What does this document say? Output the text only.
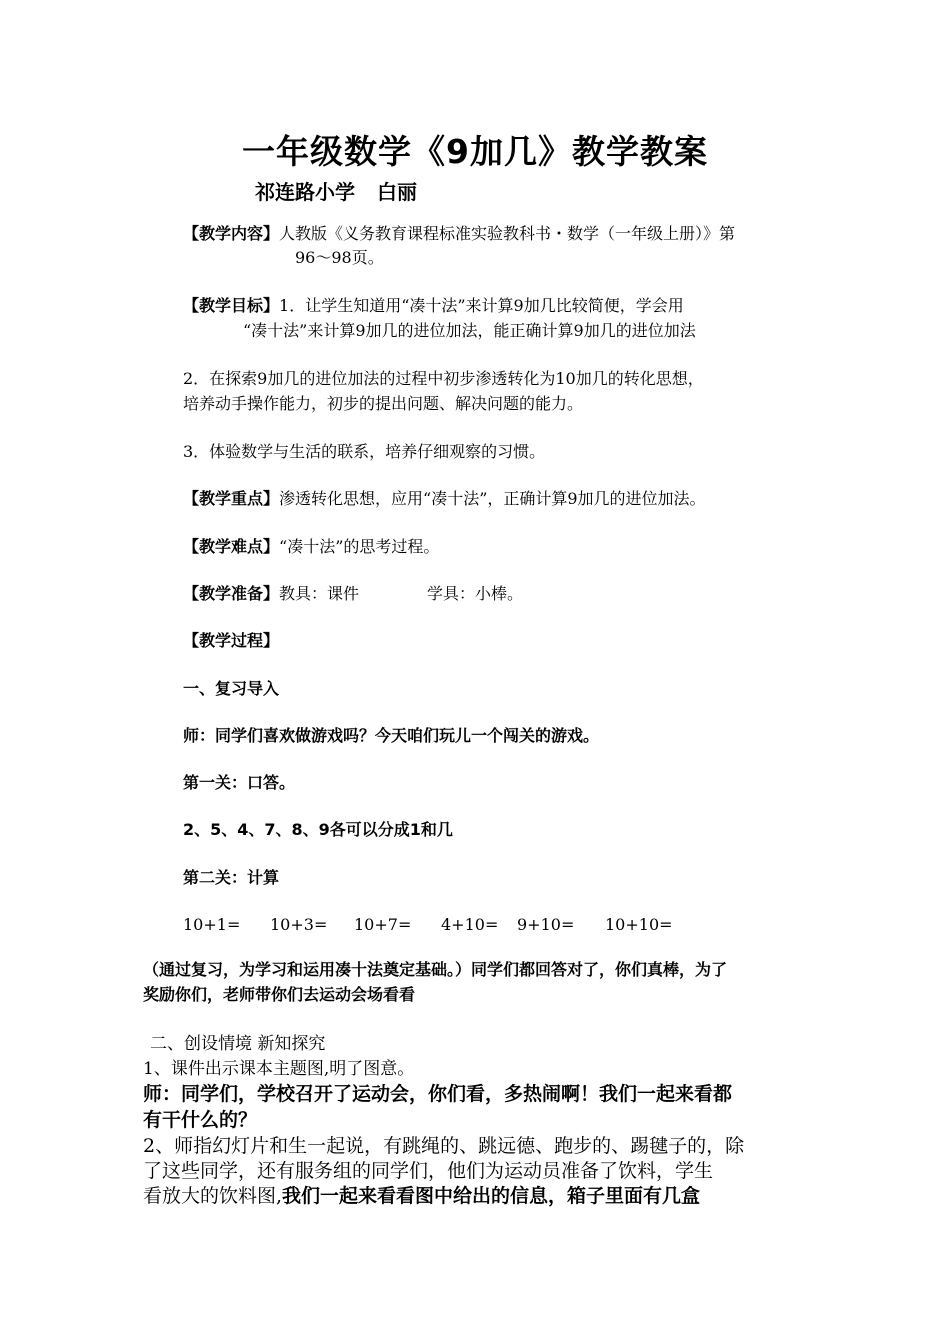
一年级数学《9加几》教学教案
祁连路小学 白丽
【教学内容】人教版《义务教育课程标准实验教科书・数学（一年级上册）》第
96～98页。
【教学目标】1．让学生知道用“凑十法”来计算9加几比较简便，学会用
“凑十法”来计算9加几的进位加法，能正确计算9加几的进位加法
2．在探索9加几的进位加法的过程中初步渗透转化为10加几的转化思想，
培养动手操作能力，初步的提出问题、解决问题的能力。
3．体验数学与生活的联系，培养仔细观察的习惯。
【教学重点】渗透转化思想，应用“凑十法”，正确计算9加几的进位加法。
【教学难点】“凑十法”的思考过程。
【教学准备】教具：课件	学具：小棒。
【教学过程】
一、复习导入
师：同学们喜欢做游戏吗？今天咱们玩儿一个闯关的游戏。
第一关：口答。
2、5、4、7、8、9各可以分成1和几
第二关：计算
10+1= 10+3= 10+7= 4+10= 9+10= 10+10=
（通过复习，为学习和运用凑十法奠定基础。）同学们都回答对了，你们真棒，为了
奖励你们，老师带你们去运动会场看看
二、创设情境 新知探究
1、课件出示课本主题图,明了图意。
师：同学们，学校召开了运动会，你们看，多热闹啊！我们一起来看都
有干什么的？
2、师指幻灯片和生一起说，有跳绳的、跳远德、跑步的、踢毽子的，除
了这些同学，还有服务组的同学们，他们为运动员准备了饮料，学生
看放大的饮料图,我们一起来看看图中给出的信息，箱子里面有几盒
